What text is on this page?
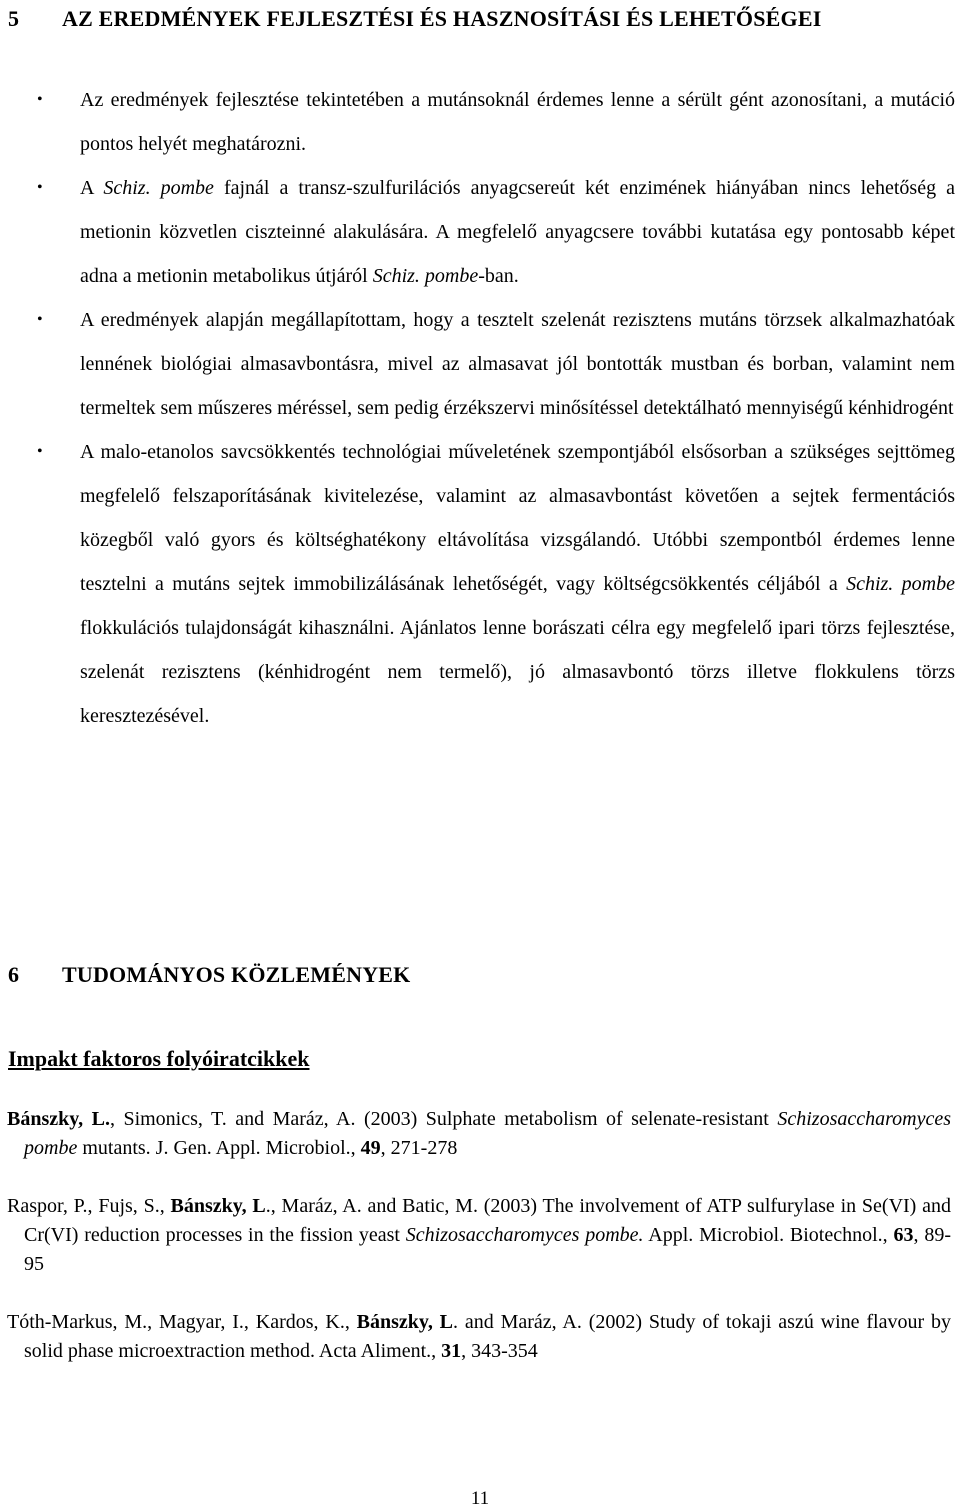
5 AZ EREDMÉNYEK FEJLESZTÉSI ÉS HASZNOSÍTÁSI ÉS LEHETŐSÉGEI
• Az eredmények fejlesztése tekintetében a mutánsoknál érdemes lenne a sérült gént azonosítani, a mutáció pontos helyét meghatározni.
• A Schiz. pombe fajnál a transz-szulfurilációs anyagcsereút két enzimének hiányában nincs lehetőség a metionin közvetlen ciszteinné alakulására. A megfelelő anyagcsere további kutatása egy pontosabb képet adna a metionin metabolikus útjáról Schiz. pombe-ban.
• A eredmények alapján megállapítottam, hogy a tesztelt szelenát rezisztens mutáns törzsek alkalmazhatóak lennének biológiai almasavbontásra, mivel az almasavat jól bontották mustban és borban, valamint nem termeltek sem műszeres méréssel, sem pedig érzékszervi minősítéssel detektálható mennyiségű kénhidrogént
• A malo-etanolos savcsökkentés technológiai műveletének szempontjából elsősorban a szükséges sejttömeg megfelelő felszaporításának kivitelezése, valamint az almasavbontást követően a sejtek fermentációs közegből való gyors és költséghatékony eltávolítása vizsgálandó. Utóbbi szempontból érdemes lenne tesztelni a mutáns sejtek immobilizálásának lehetőségét, vagy költségcsökkentés céljából a Schiz. pombe flokkulációs tulajdonságát kihasználni. Ajánlatos lenne borászati célra egy megfelelő ipari törzs fejlesztése, szelenát rezisztens (kénhidrogént nem termelő), jó almasavbontó törzs illetve flokkulens törzs keresztezésével.
6 TUDOMÁNYOS KÖZLEMÉNYEK
Impakt faktoros folyóiratcikkek
Bánszky, L., Simonics, T. and Maráz, A. (2003) Sulphate metabolism of selenate-resistant Schizosaccharomyces pombe mutants. J. Gen. Appl. Microbiol., 49, 271-278
Raspor, P., Fujs, S., Bánszky, L., Maráz, A. and Batic, M. (2003) The involvement of ATP sulfurylase in Se(VI) and Cr(VI) reduction processes in the fission yeast Schizosaccharomyces pombe. Appl. Microbiol. Biotechnol., 63, 89-95
Tóth-Markus, M., Magyar, I., Kardos, K., Bánszky, L. and Maráz, A. (2002) Study of tokaji aszú wine flavour by solid phase microextraction method. Acta Aliment., 31, 343-354
11
